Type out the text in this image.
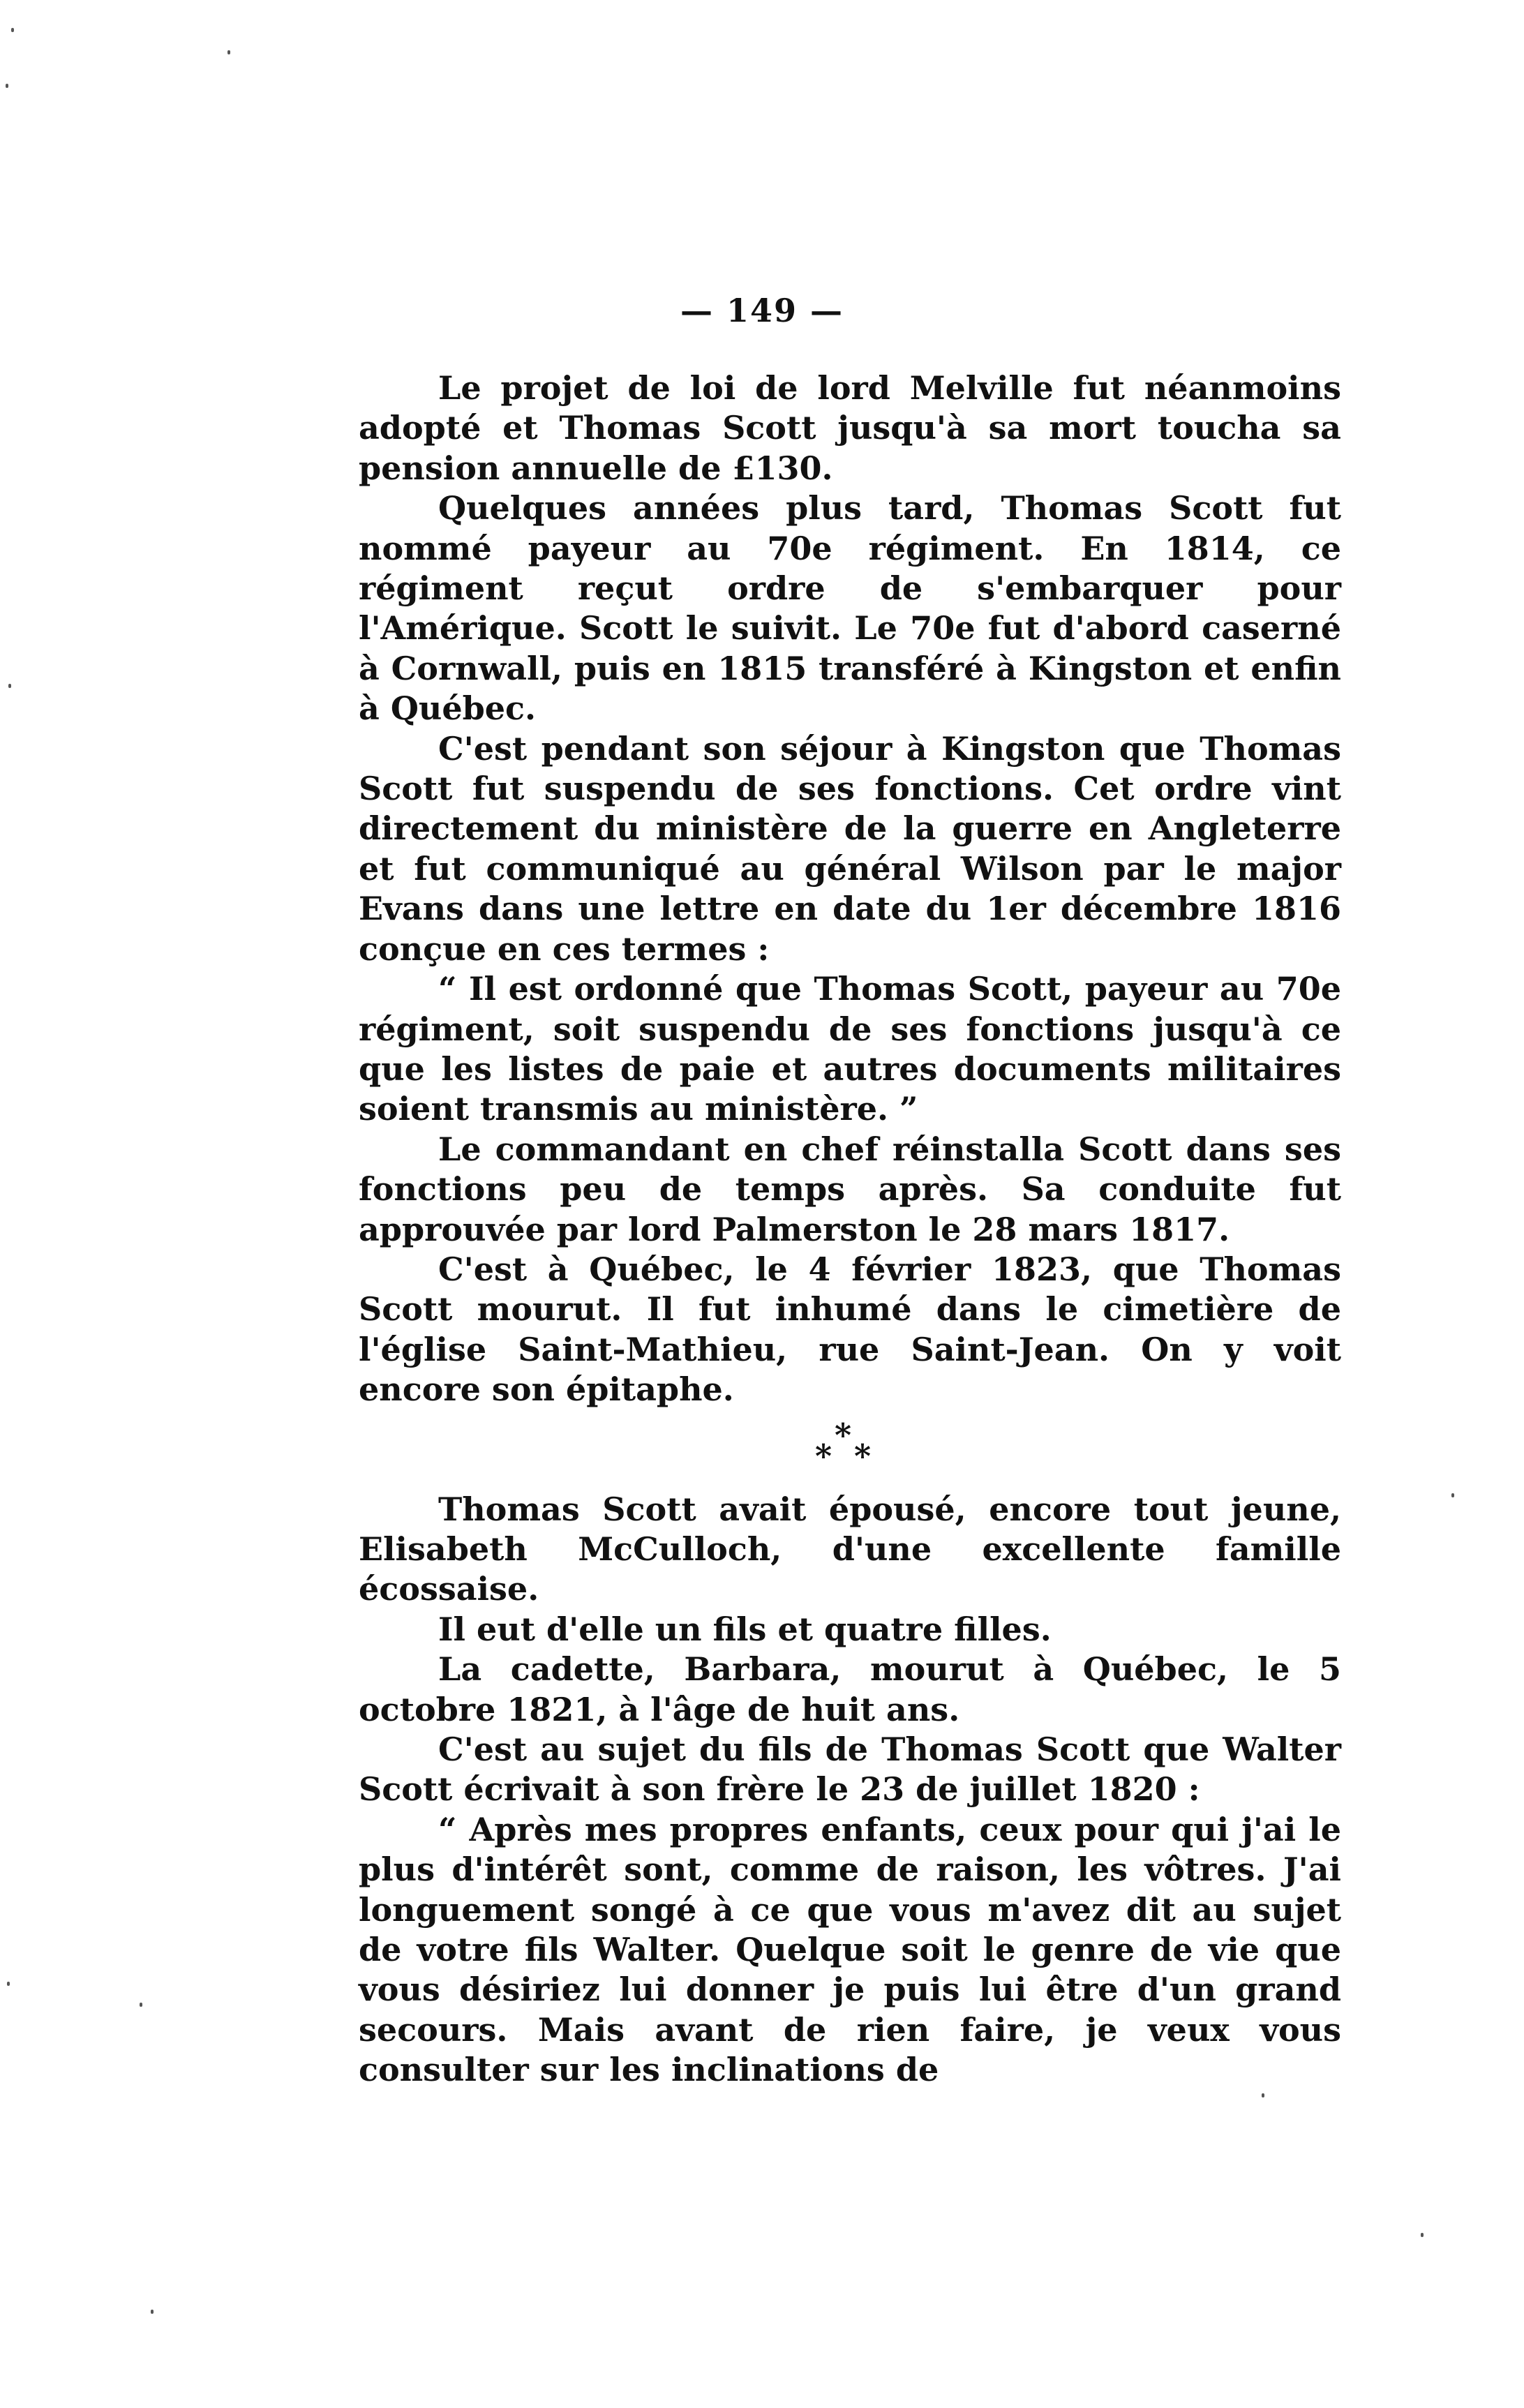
— 149 —

Le projet de loi de lord Melville fut néanmoins adopté et Thomas Scott jusqu'à sa mort toucha sa pension annuelle de £130.

Quelques années plus tard, Thomas Scott fut nommé payeur au 70e régiment. En 1814, ce régiment reçut ordre de s'embarquer pour l'Amérique. Scott le suivit. Le 70e fut d'abord caserné à Cornwall, puis en 1815 transféré à Kingston et enfin à Québec.

C'est pendant son séjour à Kingston que Thomas Scott fut suspendu de ses fonctions. Cet ordre vint directement du ministère de la guerre en Angleterre et fut communiqué au général Wilson par le major Evans dans une lettre en date du 1er décembre 1816 conçue en ces termes :

“ Il est ordonné que Thomas Scott, payeur au 70e régiment, soit suspendu de ses fonctions jusqu'à ce que les listes de paie et autres documents militaires soient transmis au ministère. ”

Le commandant en chef réinstalla Scott dans ses fonctions peu de temps après. Sa conduite fut approuvée par lord Palmerston le 28 mars 1817.

C'est à Québec, le 4 février 1823, que Thomas Scott mourut. Il fut inhumé dans le cimetière de l'église Saint-Mathieu, rue Saint-Jean. On y voit encore son épitaphe.

*
* *

Thomas Scott avait épousé, encore tout jeune, Elisabeth McCulloch, d'une excellente famille écossaise.

Il eut d'elle un fils et quatre filles.

La cadette, Barbara, mourut à Québec, le 5 octobre 1821, à l'âge de huit ans.

C'est au sujet du fils de Thomas Scott que Walter Scott écrivait à son frère le 23 de juillet 1820 :

“ Après mes propres enfants, ceux pour qui j'ai le plus d'intérêt sont, comme de raison, les vôtres. J'ai longuement songé à ce que vous m'avez dit au sujet de votre fils Walter. Quelque soit le genre de vie que vous désiriez lui donner je puis lui être d'un grand secours. Mais avant de rien faire, je veux vous consulter sur les inclinations de
